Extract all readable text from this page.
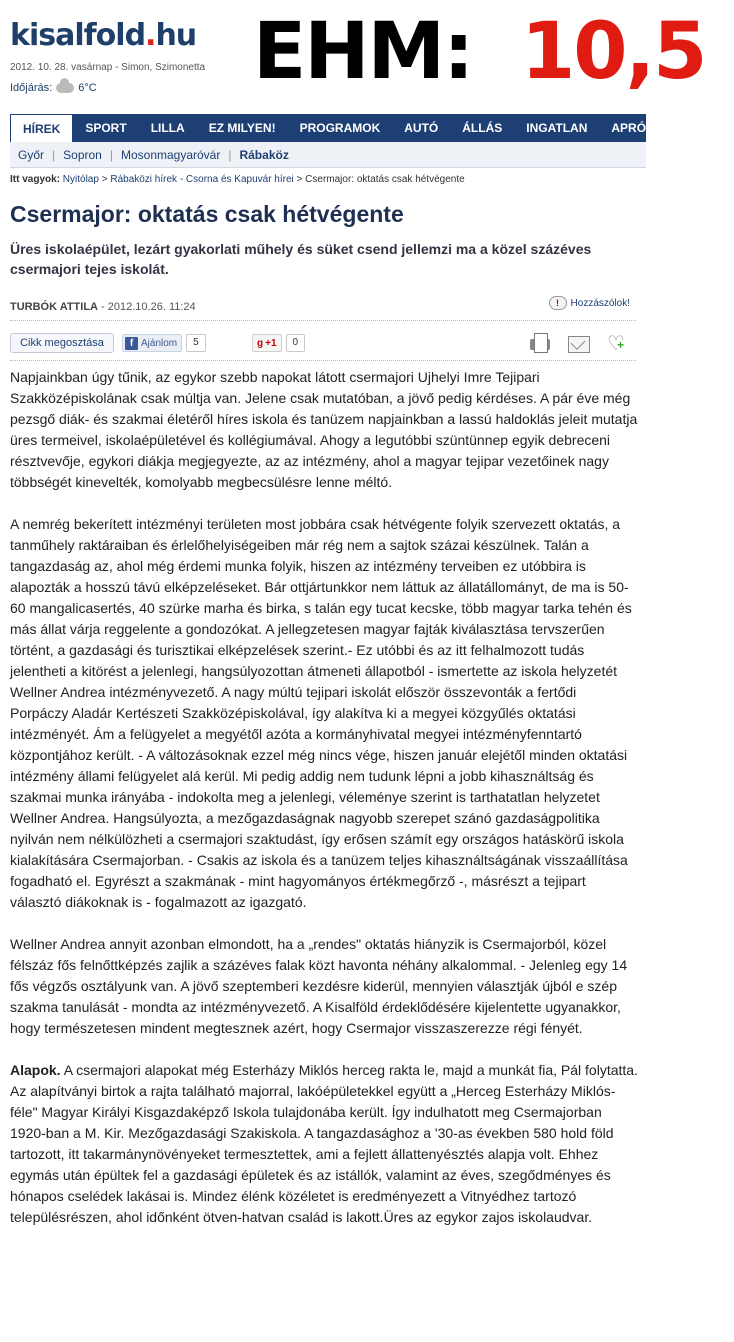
kisalfold.hu
2012. 10. 28. vasárnap - Simon, Szimonetta
Időjárás: 6°C EHM: 10,5
HÍREK	SPORT	LILLA	EZ MILYEN!	PROGRAMOK	AUTÓ	ÁLLÁS	INGATLAN	APRÓ	CÉGREG
Győr | Sopron | Mosonmagyaróvár | Rábaköz
Itt vagyok: Nyitólap > Rábaközi hírek - Csorna és Kapuvár hírei > Csermajor: oktatás csak hétvégente
Csermajor: oktatás csak hétvégente
Üres iskolaépület, lezárt gyakorlati műhely és süket csend jellemzi ma a közel százéves csermajori tejes iskolát.
TURBÓK ATTILA - 2012.10.26. 11:24	!	Hozzászólok!
Cikk megosztása	f Ajánlom	5	g +1	0
♡ +

Napjainkban úgy tűnik, az egykor szebb napokat látott csermajori Ujhelyi Imre Tejipari Szakközépiskolának csak múltja van. Jelene csak mutatóban, a jövő pedig kérdéses. A pár éve még pezsgő diák- és szakmai életéről híres iskola és tanüzem napjainkban a lassú haldoklás jeleit mutatja üres termeivel, iskolaépületével és kollégiumával. Ahogy a legutóbbi szüntünnep egyik debreceni résztvevője, egykori diákja megjegyezte, az az intézmény, ahol a magyar tejipar vezetőinek nagy többségét kinevelték, komolyabb megbecsülésre lenne méltó.

A nemrég bekerített intézményi területen most jobbára csak hétvégente folyik szervezett oktatás, a tanműhely raktáraiban és érlelőhelyiségeiben már rég nem a sajtok százai készülnek. Talán a tangazdaság az, ahol még érdemi munka folyik, hiszen az intézmény terveiben ez utóbbira is alapozták a hosszú távú elképzeléseket. Bár ottjártunkkor nem láttuk az állatállományt, de ma is 50-60 mangalicasertés, 40 szürke marha és birka, s talán egy tucat kecske, több magyar tarka tehén és más állat várja reggelente a gondozókat. A jellegzetesen magyar fajták kiválasztása tervszerűen történt, a gazdasági és turisztikai elképzelések szerint.- Ez utóbbi és az itt felhalmozott tudás jelentheti a kitörést a jelenlegi, hangsúlyozottan átmeneti állapotból - ismertette az iskola helyzetét Wellner Andrea intézményvezető. A nagy múltú tejipari iskolát először összevonták a fertődi Porpáczy Aladár Kertészeti Szakközépiskolával, így alakítva ki a megyei közgyűlés oktatási intézményét. Ám a felügyelet a megyétől azóta a kormányhivatal megyei intézményfenntartó központjához került. - A változásoknak ezzel még nincs vége, hiszen január elejétől minden oktatási intézmény állami felügyelet alá kerül. Mi pedig addig nem tudunk lépni a jobb kihasználtság és szakmai munka irányába - indokolta meg a jelenlegi, véleménye szerint is tarthatatlan helyzetet Wellner Andrea. Hangsúlyozta, a mezőgazdaságnak nagyobb szerepet szánó gazdaságpolitika nyilván nem nélkülözheti a csermajori szaktudást, így erősen számít egy országos hatáskörű iskola kialakítására Csermajorban. - Csakis az iskola és a tanüzem teljes kihasználtságának visszaállítása fogadható el. Egyrészt a szakmának - mint hagyományos értékmegőrző -, másrészt a tejipart választó diákoknak is - fogalmazott az igazgató.

Wellner Andrea annyit azonban elmondott, ha a „rendes" oktatás hiányzik is Csermajorból, közel félszáz fős felnőttképzés zajlik a százéves falak közt havonta néhány alkalommal. - Jelenleg egy 14 fős végzős osztályunk van. A jövő szeptemberi kezdésre kiderül, mennyien választják újból e szép szakma tanulását - mondta az intézményvezető. A Kisalföld érdeklődésére kijelentette ugyanakkor, hogy természetesen mindent megtesznek azért, hogy Csermajor visszaszerezze régi fényét.

Alapok. A csermajori alapokat még Esterházy Miklós herceg rakta le, majd a munkát fia, Pál folytatta. Az alapítványi birtok a rajta található majorral, lakóépületekkel együtt a „Herceg Esterházy Miklós-féle" Magyar Királyi Kisgazdaképző Iskola tulajdonába került. Így indulhatott meg Csermajorban 1920-ban a M. Kir. Mezőgazdasági Szakiskola. A tangazdasághoz a '30-as években 580 hold föld tartozott, itt takarmánynövényeket termesztettek, ami a fejlett állattenyésztés alapja volt. Ehhez egymás után épültek fel a gazdasági épületek és az istállók, valamint az éves, szegődményes és hónapos cselédek lakásai is. Mindez élénk közéletet is eredményezett a Vitnyédhez tartozó településrészen, ahol időnként ötven-hatvan család is lakott.Üres az egykor zajos iskolaudvar.
